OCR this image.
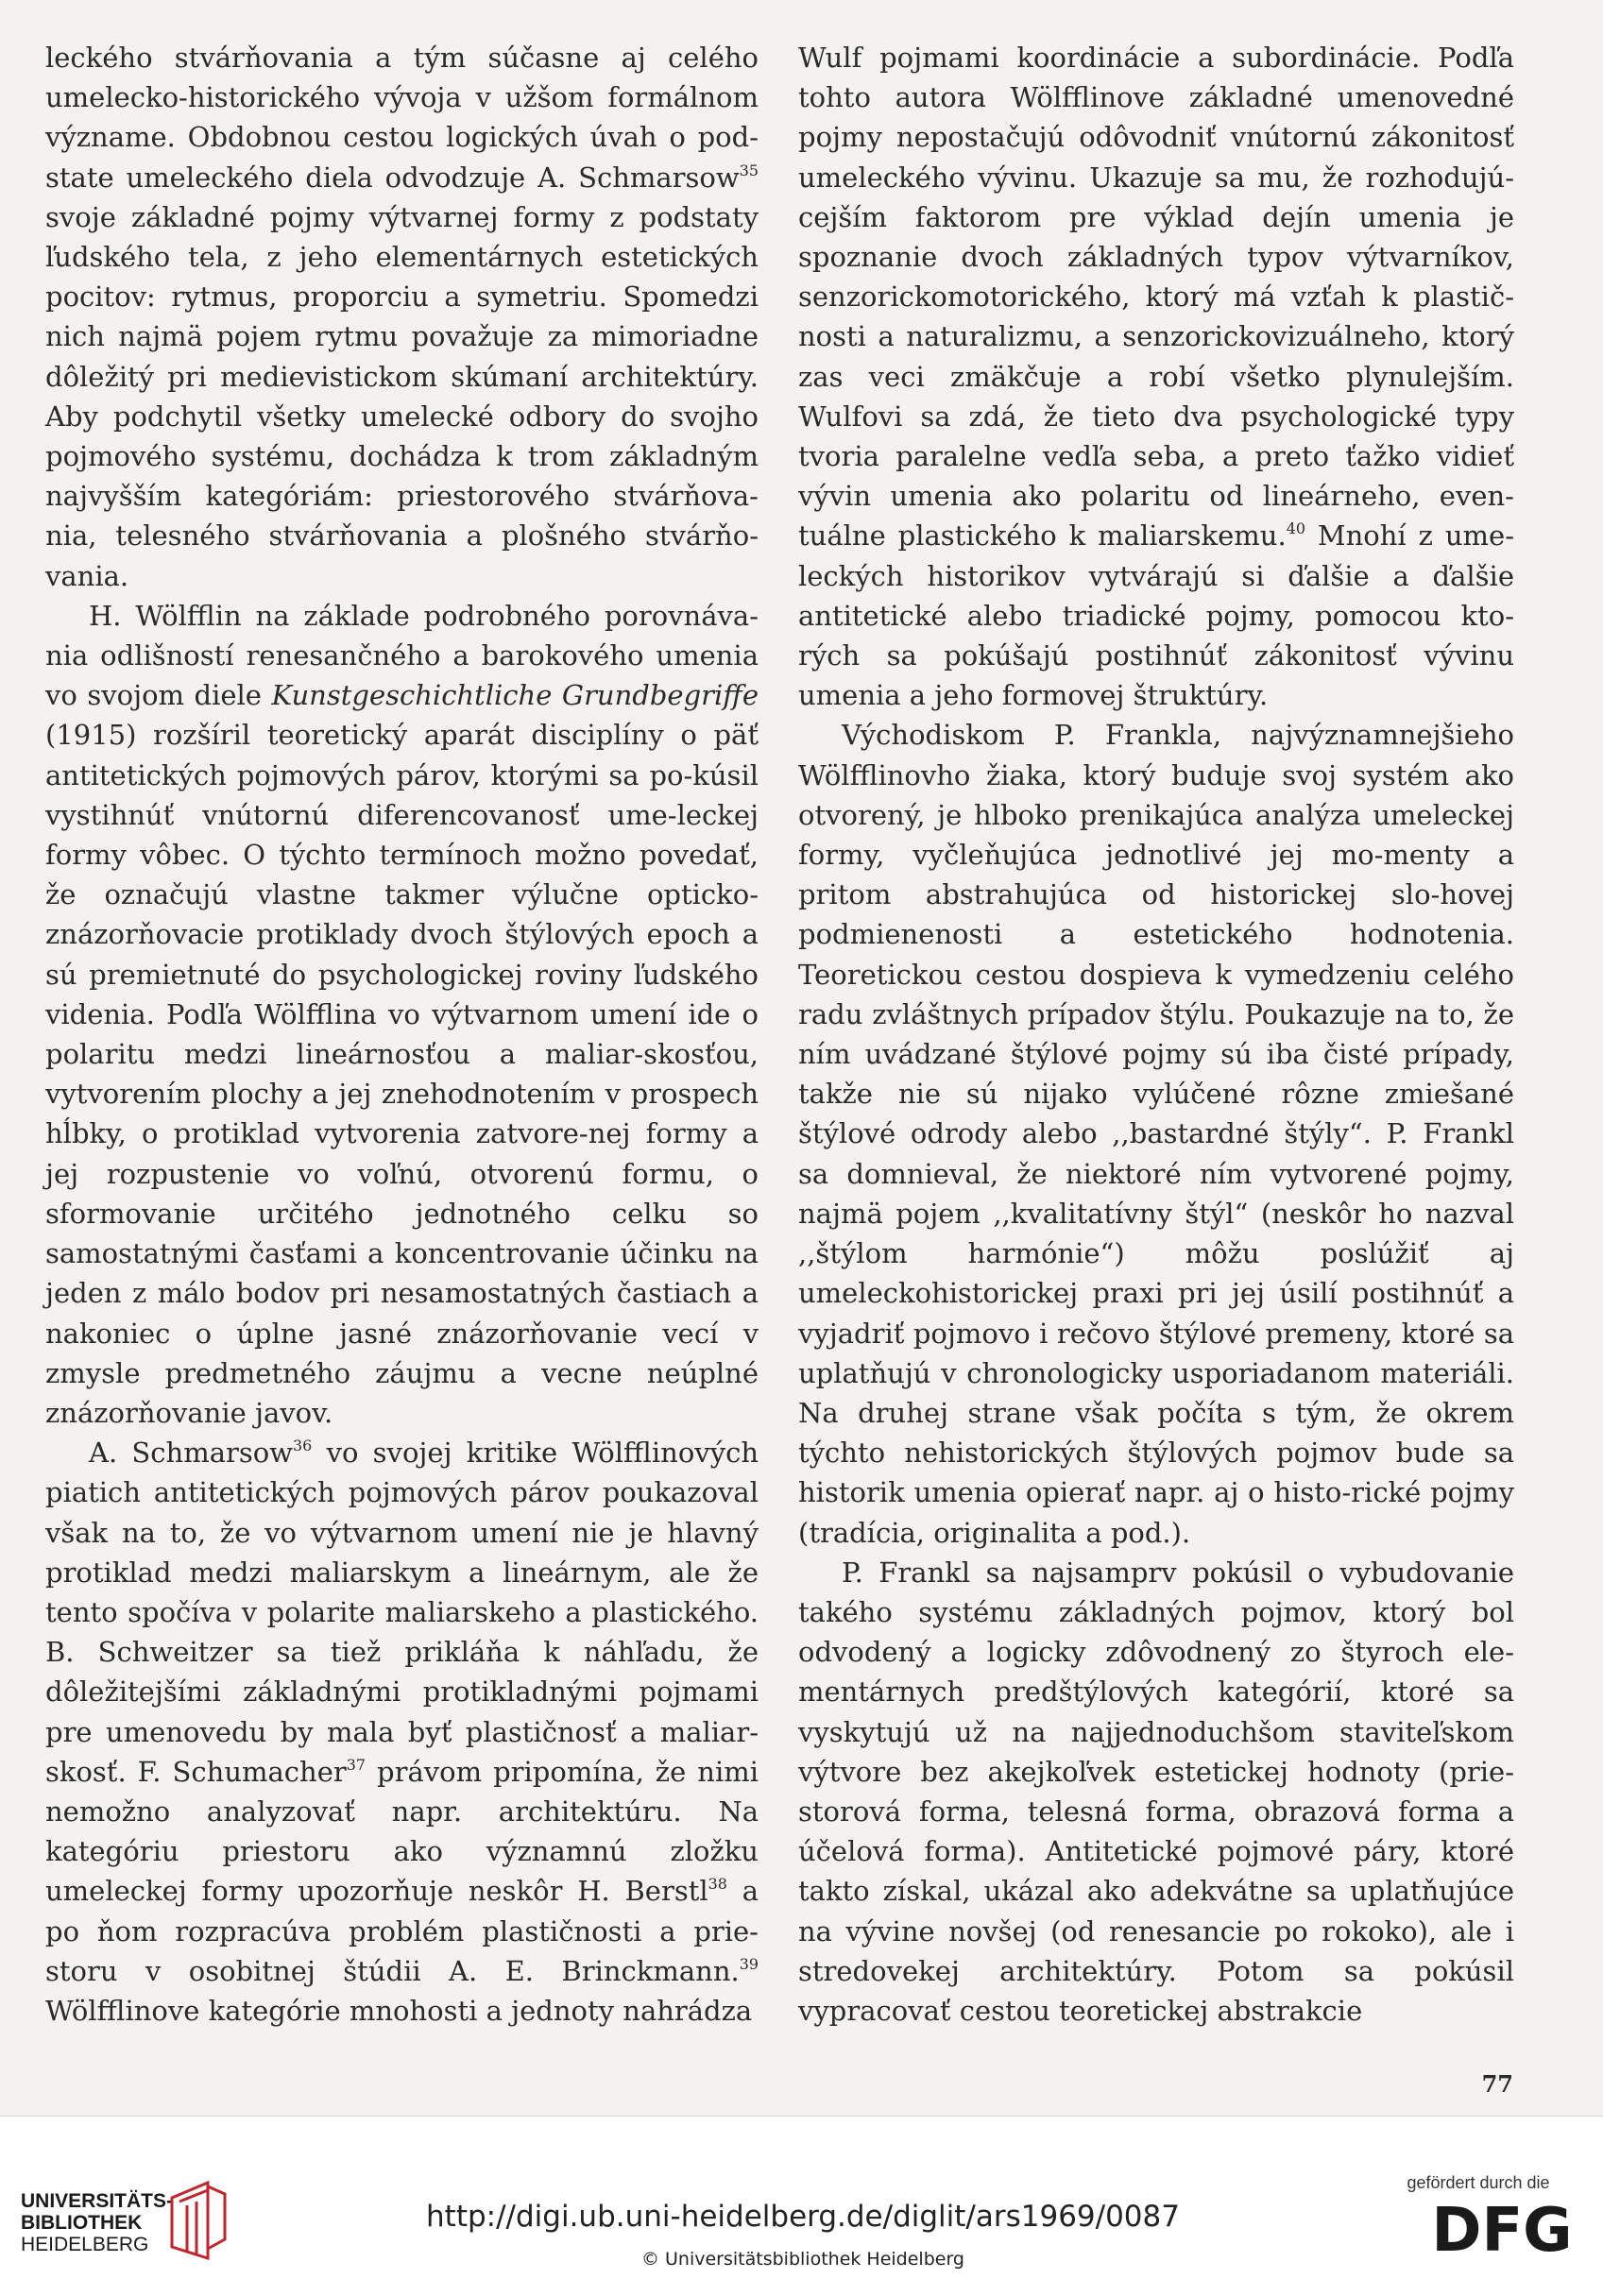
leckého stvárňovania a tým súčasne aj celého umelecko-historického vývoja v užšom formálnom význame. Obdobnou cestou logických úvah o pod-state umeleckého diela odvodzuje A. Schmarsow$^{35}$ svoje základné pojmy výtvarnej formy z podstaty ľudského tela, z jeho elementárnych estetických pocitov: rytmus, proporciu a symetriu. Spomedzi nich najmä pojem rytmu považuje za mimoriadne dôležitý pri medievistickom skúmaní architektúry. Aby podchytil všetky umelecké odbory do svojho pojmového systému, dochádza k trom základným najvyšším kategóriám: priestorového stvárňova-nia, telesného stvárňovania a plošného stvárňo-vania.

H. Wölfflin na základe podrobného porovnáva-nia odlišností renesančného a barokového umenia vo svojom diele Kunstgeschichtliche Grundbegriffe (1915) rozšíril teoretický aparát disciplíny o päť antitetických pojmových párov, ktorými sa po-kúsil vystihnúť vnútornú diferencovanosť ume-leckej formy vôbec. O týchto termínoch možno povedať, že označujú vlastne takmer výlučne opticko-znázorňovacie protiklady dvoch štýlových epoch a sú premietnuté do psychologickej roviny ľudského videnia. Podľa Wölfflina vo výtvarnom umení ide o polaritu medzi lineárnosťou a maliar-skosťou, vytvorením plochy a jej znehodnotením v prospech hĺbky, o protiklad vytvorenia zatvore-nej formy a jej rozpustenie vo voľnú, otvorenú formu, o sformovanie určitého jednotného celku so samostatnými časťami a koncentrovanie účinku na jeden z málo bodov pri nesamostatných častiach a nakoniec o úplne jasné znázorňovanie vecí v zmysle predmetného záujmu a vecne neúplné znázorňovanie javov.

A. Schmarsow$^{36}$ vo svojej kritike Wölfflinových piatich antitetických pojmových párov poukazoval však na to, že vo výtvarnom umení nie je hlavný protiklad medzi maliarskym a lineárnym, ale že tento spočíva v polarite maliarskeho a plastického. B. Schweitzer sa tiež prikláňa k náhľadu, že dôležitejšími základnými protikladnými pojmami pre umenovedu by mala byť plastičnosť a maliar-skosť. F. Schumacher$^{37}$ právom pripomína, že nimi nemožno analyzovať napr. architektúru. Na kategóriu priestoru ako významnú zložku umeleckej formy upozorňuje neskôr H. Berstl$^{38}$ a po ňom rozpracúva problém plastičnosti a prie-storu v osobitnej štúdii A. E. Brinckmann.$^{39}$ Wölfflinove kategórie mnohosti a jednoty nahrádza

Wulf pojmami koordinácie a subordinácie. Podľa tohto autora Wölfflinove základné umenovedné pojmy nepostačujú odôvodniť vnútornú zákonitosť umeleckého vývinu. Ukazuje sa mu, že rozhodujú-cejším faktorom pre výklad dejín umenia je spoznanie dvoch základných typov výtvarníkov, senzorickomotorického, ktorý má vzťah k plastič-nosti a naturalizmu, a senzorickovizuálneho, ktorý zas veci zmäkčuje a robí všetko plynulejším. Wulfovi sa zdá, že tieto dva psychologické typy tvoria paralelne vedľa seba, a preto ťažko vidieť vývin umenia ako polaritu od lineárneho, even-tuálne plastického k maliarskemu.$^{40}$ Mnohí z ume-leckých historikov vytvárajú si ďalšie a ďalšie antitetické alebo triadické pojmy, pomocou kto-rých sa pokúšajú postihnúť zákonitosť vývinu umenia a jeho formovej štruktúry.

Východiskom P. Frankla, najvýznamnejšieho Wölfflinovho žiaka, ktorý buduje svoj systém ako otvorený, je hlboko prenikajúca analýza umeleckej formy, vyčleňujúca jednotlivé jej mo-menty a pritom abstrahujúca od historickej slo-hovej podmienenosti a estetického hodnotenia. Teoretickou cestou dospieva k vymedzeniu celého radu zvláštnych prípadov štýlu. Poukazuje na to, že ním uvádzané štýlové pojmy sú iba čisté prípady, takže nie sú nijako vylúčené rôzne zmiešané štýlové odrody alebo ,,bastardné štýly“. P. Frankl sa domnieval, že niektoré ním vytvorené pojmy, najmä pojem ,,kvalitatívny štýl“ (neskôr ho nazval ,,štýlom harmónie“) môžu poslúžiť aj umeleckohistorickej praxi pri jej úsilí postihnúť a vyjadriť pojmovo i rečovo štýlové premeny, ktoré sa uplatňujú v chronologicky usporiadanom materiáli. Na druhej strane však počíta s tým, že okrem týchto nehistorických štýlových pojmov bude sa historik umenia opierať napr. aj o histo-rické pojmy (tradícia, originalita a pod.).

P. Frankl sa najsamprv pokúsil o vybudovanie takého systému základných pojmov, ktorý bol odvodený a logicky zdôvodnený zo štyroch ele-mentárnych predštýlových kategórií, ktoré sa vyskytujú už na najjednoduchšom staviteľskom výtvore bez akejkoľvek estetickej hodnoty (prie-storová forma, telesná forma, obrazová forma a účelová forma). Antitetické pojmové páry, ktoré takto získal, ukázal ako adekvátne sa uplatňujúce na vývine novšej (od renesancie po rokoko), ale i stredovekej architektúry. Potom sa pokúsil vypracovať cestou teoretickej abstrakcie

77
UNIVERSITÄTS-
BIBLIOTHEK
HEIDELBERG
http://digi.ub.uni-heidelberg.de/diglit/ars1969/0087
© Universitätsbibliothek Heidelberg
gefördert durch die
DFG
